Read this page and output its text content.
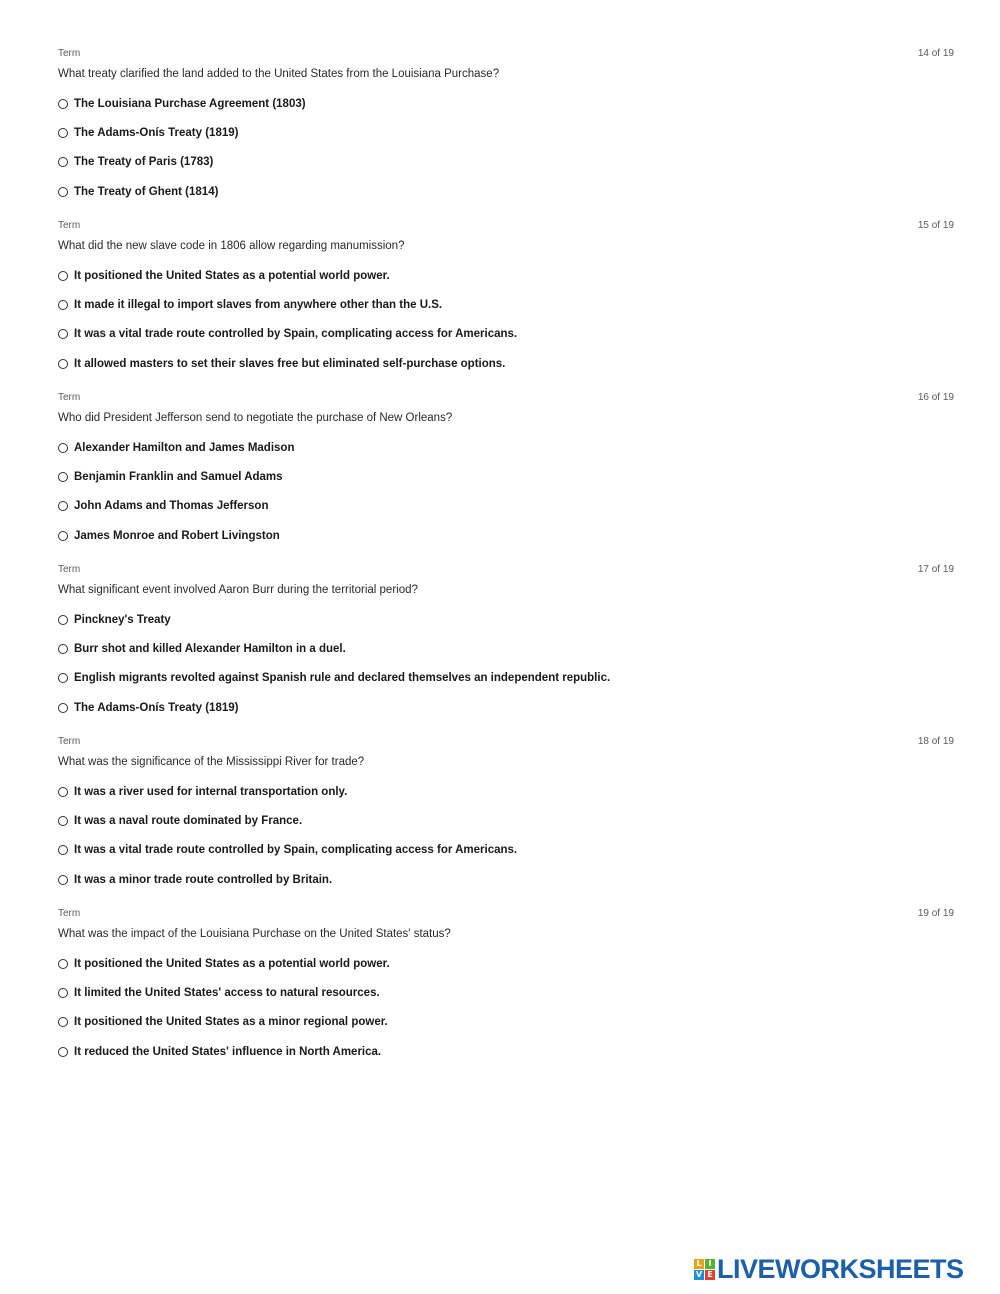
Term	14 of 19
What treaty clarified the land added to the United States from the Louisiana Purchase?
The Louisiana Purchase Agreement (1803)
The Adams-Onís Treaty (1819)
The Treaty of Paris (1783)
The Treaty of Ghent (1814)
Term	15 of 19
What did the new slave code in 1806 allow regarding manumission?
It positioned the United States as a potential world power.
It made it illegal to import slaves from anywhere other than the U.S.
It was a vital trade route controlled by Spain, complicating access for Americans.
It allowed masters to set their slaves free but eliminated self-purchase options.
Term	16 of 19
Who did President Jefferson send to negotiate the purchase of New Orleans?
Alexander Hamilton and James Madison
Benjamin Franklin and Samuel Adams
John Adams and Thomas Jefferson
James Monroe and Robert Livingston
Term	17 of 19
What significant event involved Aaron Burr during the territorial period?
Pinckney's Treaty
Burr shot and killed Alexander Hamilton in a duel.
English migrants revolted against Spanish rule and declared themselves an independent republic.
The Adams-Onís Treaty (1819)
Term	18 of 19
What was the significance of the Mississippi River for trade?
It was a river used for internal transportation only.
It was a naval route dominated by France.
It was a vital trade route controlled by Spain, complicating access for Americans.
It was a minor trade route controlled by Britain.
Term	19 of 19
What was the impact of the Louisiana Purchase on the United States' status?
It positioned the United States as a potential world power.
It limited the United States' access to natural resources.
It positioned the United States as a minor regional power.
It reduced the United States' influence in North America.
L I
V E LIVEWORKSHEETS
